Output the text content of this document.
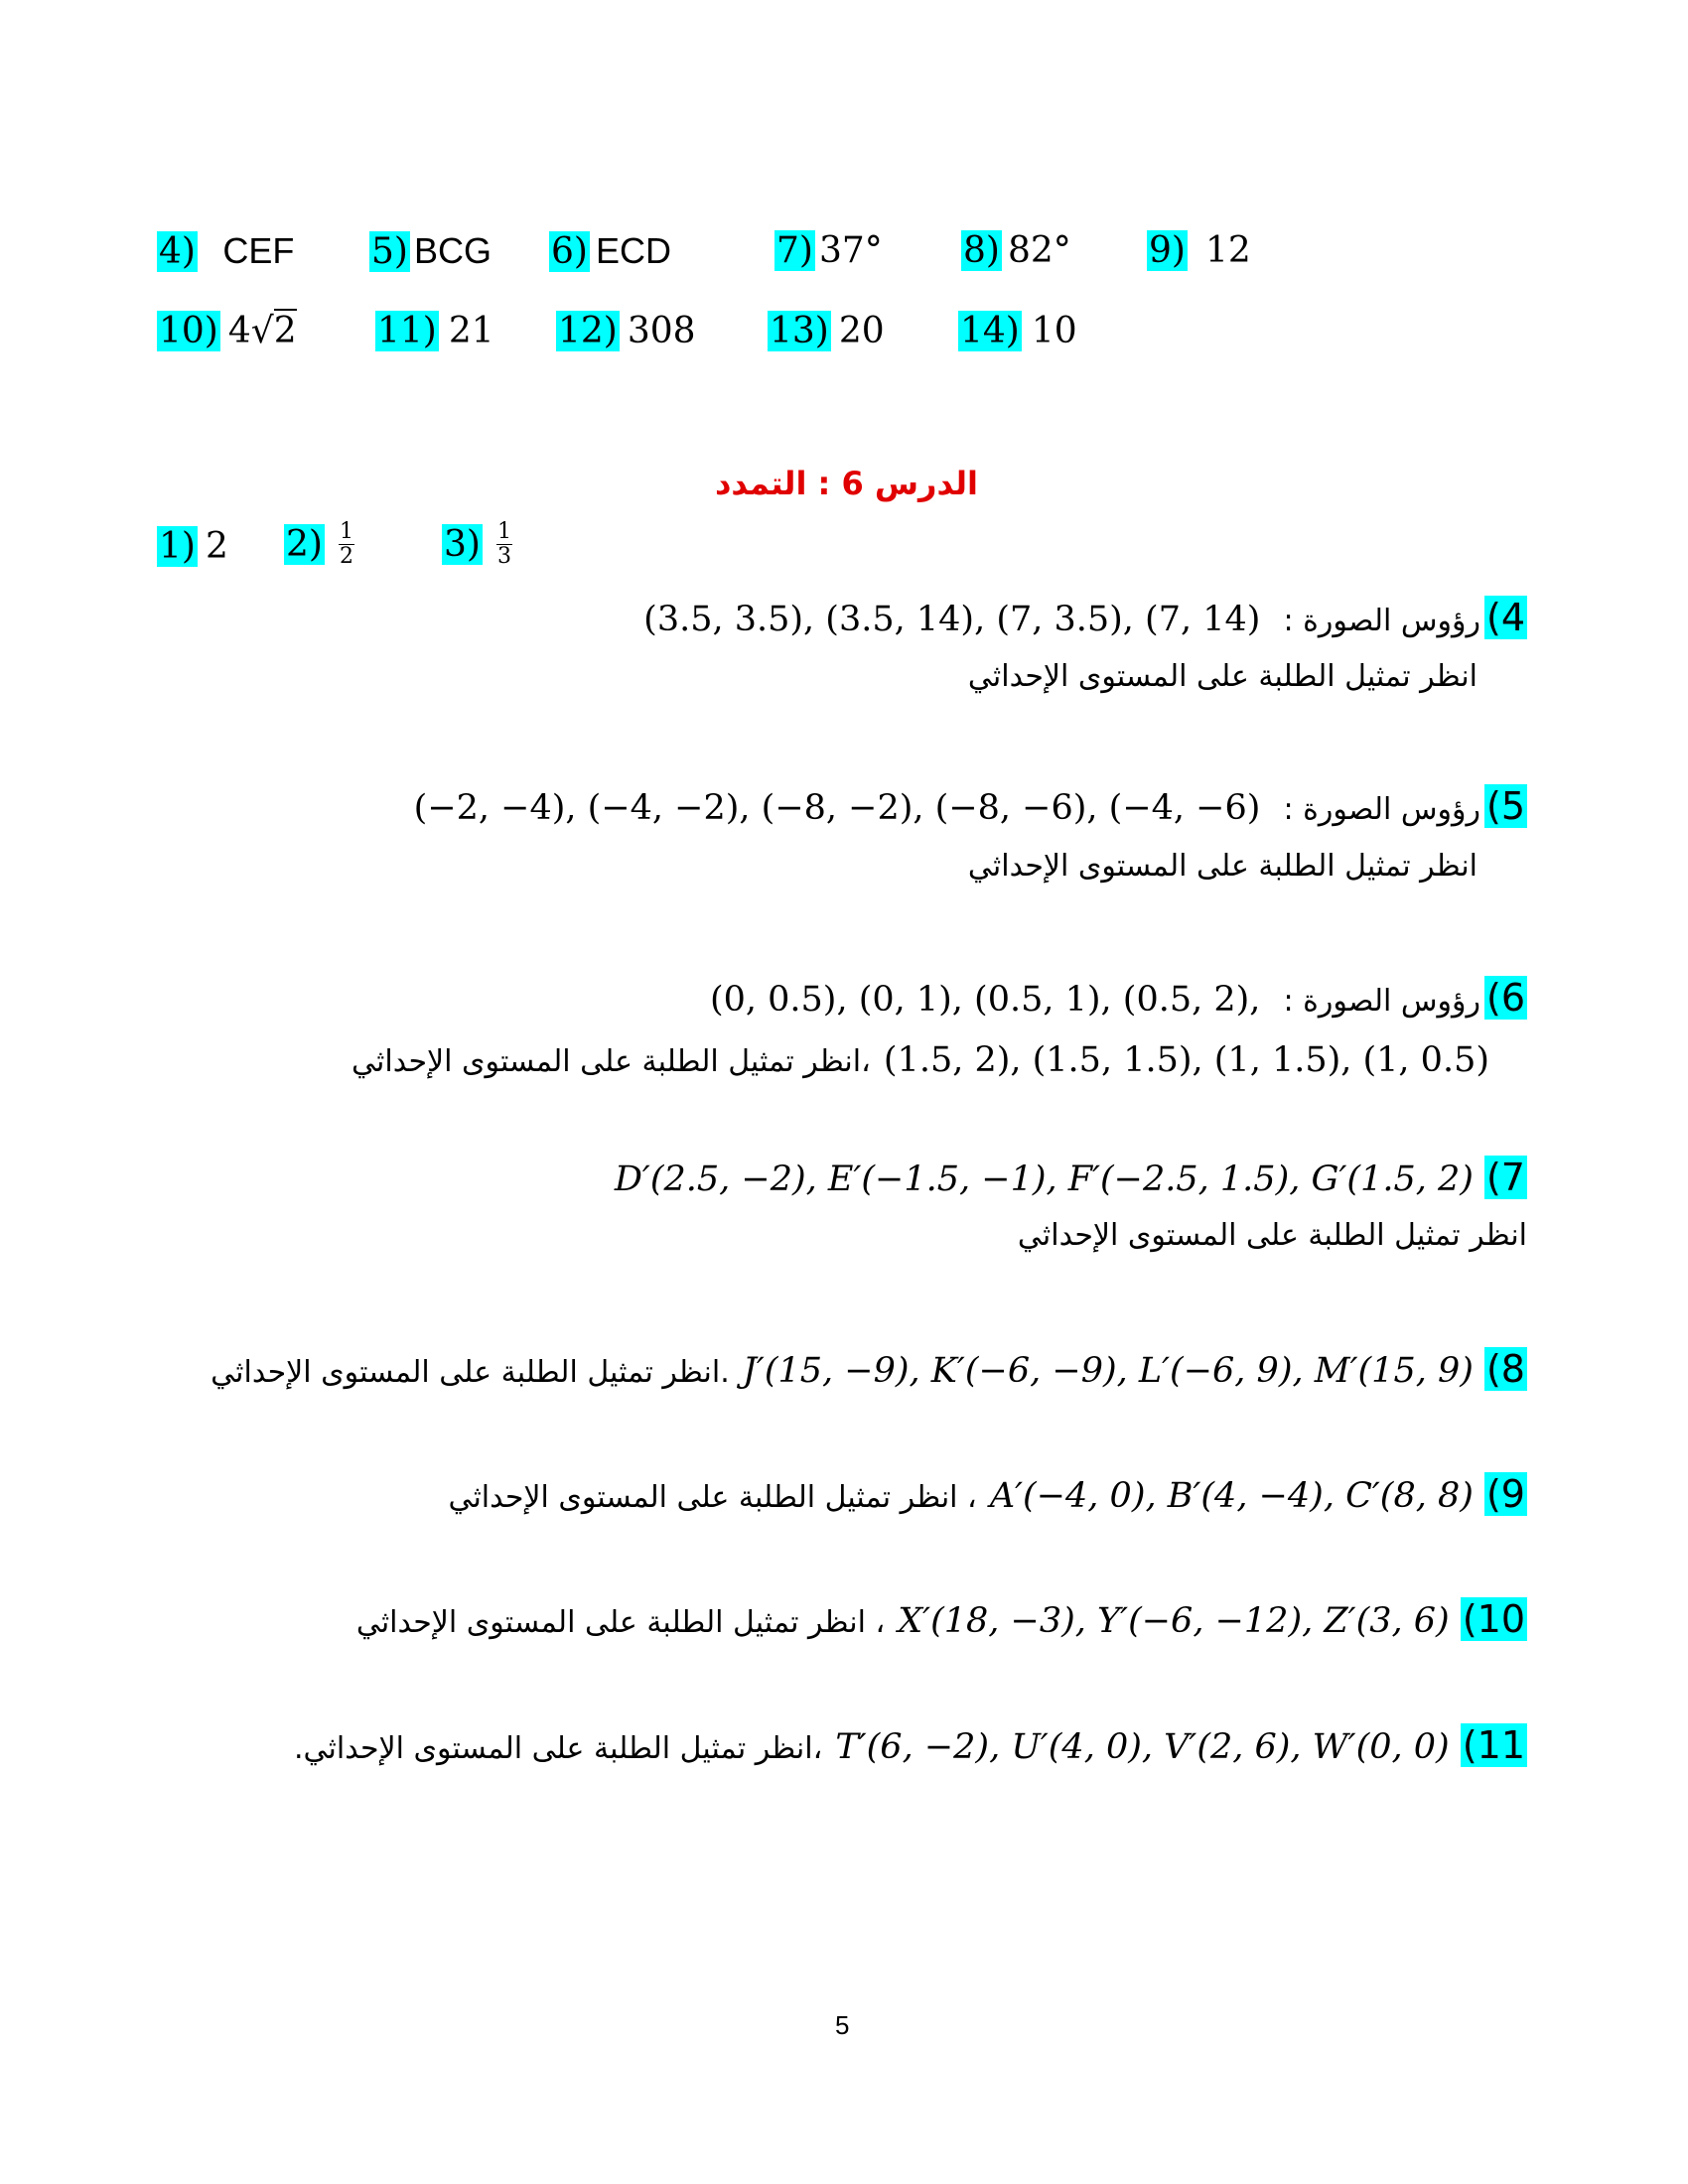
4) CEF 5) BCG 6) ECD	7) 37° 8) 82° 9) 12
10) 4√2 11) 21 12) 308 13) 20 14) 10
الدرس 6 : التمدد
1) 2 $2) \frac{1}{2}$	$3) \frac{1}{3}$
4)رؤوس الصورة : (3.5, 3.5), (3.5, 14), (7, 3.5), (7, 14)
انظر تمثيل الطلبة على المستوى الإحداثي
5)رؤوس الصورة : (−2, −4), (−4, −2), (−8, −2), (−8, −6), (−4, −6)
انظر تمثيل الطلبة على المستوى الإحداثي
6)رؤوس الصورة : (0, 0.5), (0, 1), (0.5, 1), (0.5, 2),
(1.5, 2), (1.5, 1.5), (1, 1.5), (1, 0.5) ،انظر تمثيل الطلبة على المستوى الإحداثي
D′(2.5, −2), E′(−1.5, −1), F′(−2.5, 1.5), G′(1.5, 2) (7
انظر تمثيل الطلبة على المستوى الإحداثي
.انظر تمثيل الطلبة على المستوى الإحداثي J′(15, −9), K′(−6, −9), L′(−6, 9), M′(15, 9) (8
، انظر تمثيل الطلبة على المستوى الإحداثي A′(−4, 0), B′(4, −4), C′(8, 8) (9
، انظر تمثيل الطلبة على المستوى الإحداثي X′(18, −3), Y′(−6, −12), Z′(3, 6) (10
،انظر تمثيل الطلبة على المستوى الإحداثي. T′(6, −2), U′(4, 0), V′(2, 6), W′(0, 0) (11
5
